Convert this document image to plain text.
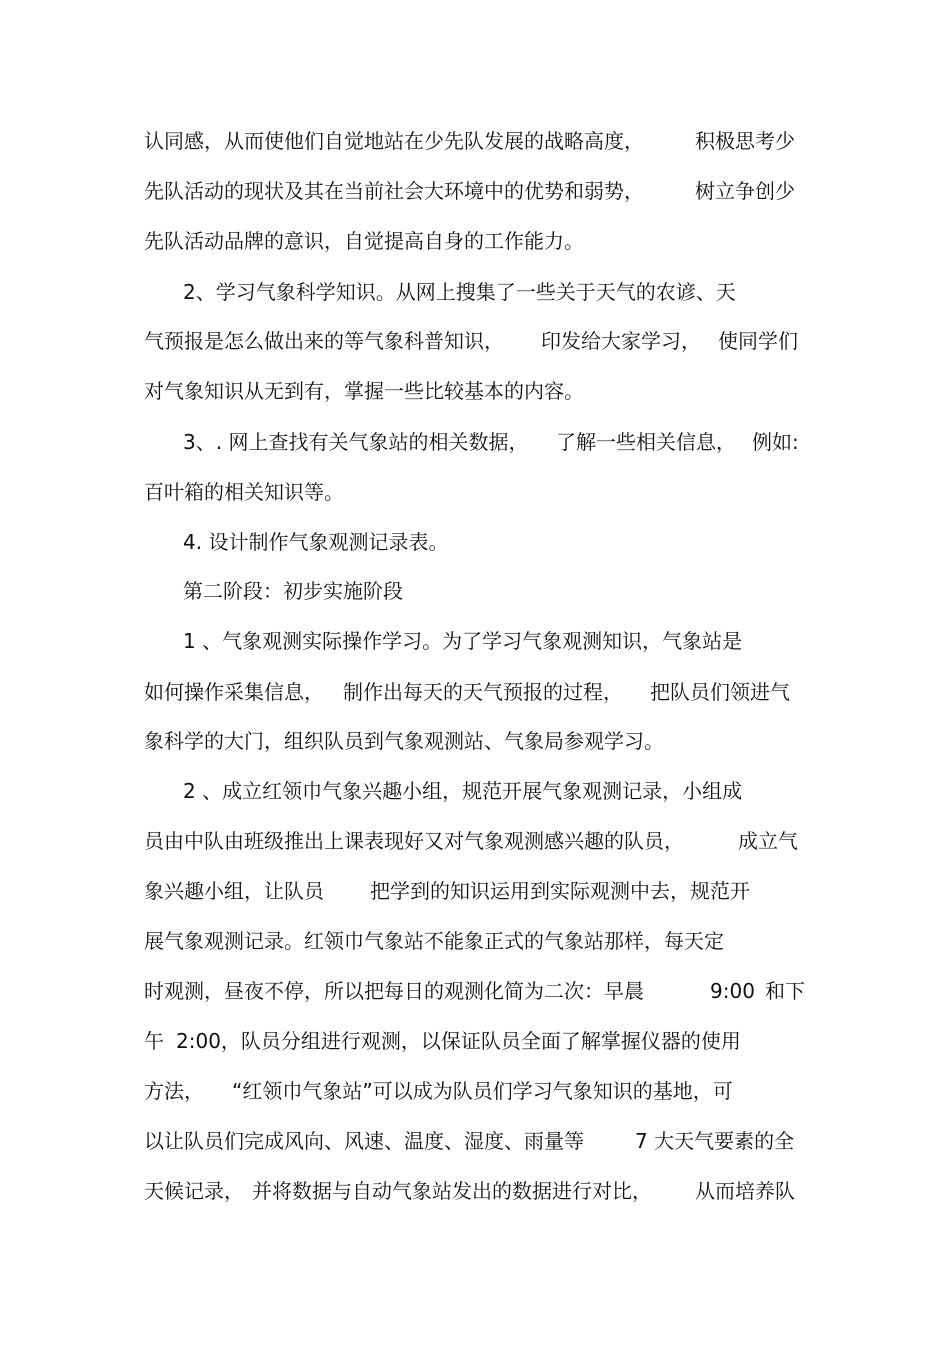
认同感，从而使他们自觉地站在少先队发展的战略高度，	积极思考少
先队活动的现状及其在当前社会大环境中的优势和弱势，	树立争创少
先队活动品牌的意识，自觉提高自身的工作能力。
2、学习气象科学知识。从网上搜集了一些关于天气的农谚、天
气预报是怎么做出来的等气象科普知识， 印发给大家学习， 使同学们
对气象知识从无到有，掌握一些比较基本的内容。
3、. 网上查找有关气象站的相关数据， 了解一些相关信息， 例如:
百叶箱的相关知识等。
4. 设计制作气象观测记录表。
第二阶段：初步实施阶段
1 、气象观测实际操作学习。为了学习气象观测知识，气象站是
如何操作采集信息， 制作出每天的天气预报的过程， 把队员们领进气
象科学的大门，组织队员到气象观测站、气象局参观学习。
2 、成立红领巾气象兴趣小组，规范开展气象观测记录，小组成
员由中队由班级推出上课表现好又对气象观测感兴趣的队员，	成立气
象兴趣小组，让队员 把学到的知识运用到实际观测中去，规范开
展气象观测记录。红领巾气象站不能象正式的气象站那样，每天定
时观测，昼夜不停，所以把每日的观测化简为二次：早晨	9:00 和下
午 2:00，队员分组进行观测，以保证队员全面了解掌握仪器的使用
方法， “红领巾气象站”可以成为队员们学习气象知识的基地，可
以让队员们完成风向、风速、温度、湿度、雨量等	7 大天气要素的全
天候记录， 并将数据与自动气象站发出的数据进行对比， 从而培养队
